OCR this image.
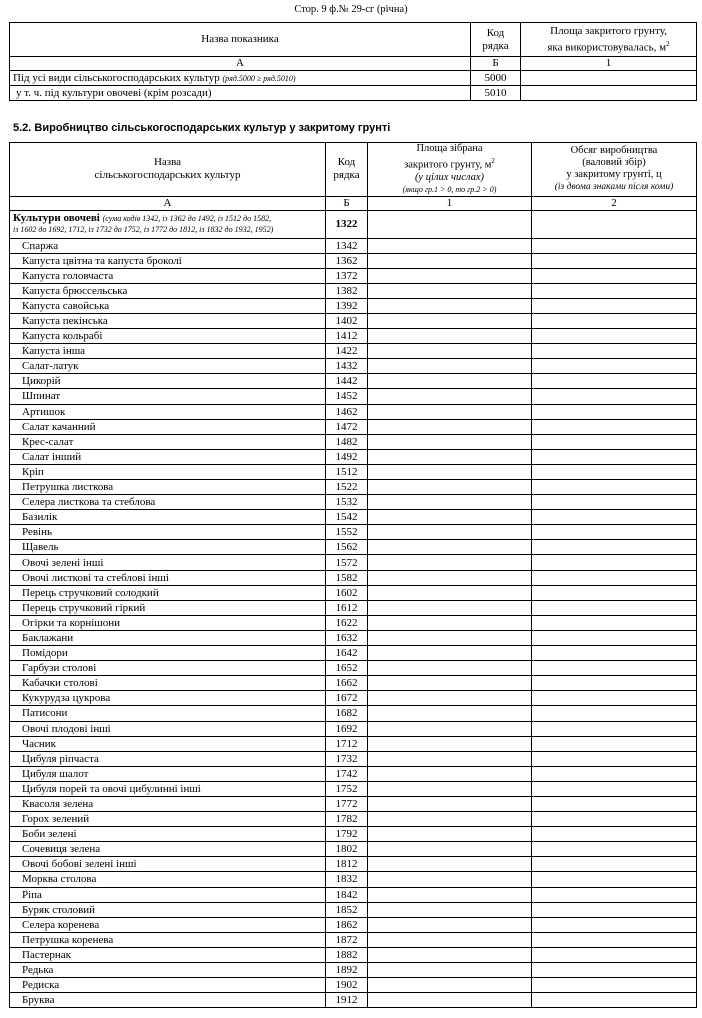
Стор. 9 ф.№ 29-сг (річна)
Назва показника	Код
рядка	Площа закритого грунту,
яка використовувалась, $м^2$
А	Б	1
Під усі види сільськогосподарських культур (ряд.5000 ≥ ряд.5010)	5000	
у т. ч. під культури овочеві (крім розсади)	5010	
5.2. Виробництво сільськогосподарських культур у закритому грунті
Назва
сільськогосподарських культур	Код
рядка	Площа зібрана
закритого грунту, $м^2$
(у цілих числах)
(якщо гр.1 > 0, то гр.2 > 0)	Обсяг виробництва
(валовий збір)
у закритому грунті, ц
(із двома знаками після коми)
А	Б	1	2
Культури овочеві (сума кодів 1342, із 1362 до 1492, із 1512 до 1582,
із 1602 до 1692, 1712, із 1732 до 1752, із 1772 до 1812, із 1832 до 1932, 1952)	1322		
Спаржа	1342		
Капуста цвітна та капуста броколі	1362		
Капуста головчаста	1372		
Капуста брюссельська	1382		
Капуста савойська	1392		
Капуста пекінська	1402		
Капуста кольрабі	1412		
Капуста інша	1422		
Салат-латук	1432		
Цикорій	1442		
Шпинат	1452		
Артишок	1462		
Салат качанний	1472		
Крес-салат	1482		
Салат інший	1492		
Кріп	1512		
Петрушка листкова	1522		
Селера листкова та стеблова	1532		
Базилік	1542		
Ревінь	1552		
Щавель	1562		
Овочі зелені інші	1572		
Овочі листкові та стеблові інші	1582		
Перець стручковий солодкий	1602		
Перець стручковий гіркий	1612		
Огірки та корнішони	1622		
Баклажани	1632		
Помідори	1642		
Гарбузи столові	1652		
Кабачки столові	1662		
Кукурудза цукрова	1672		
Патисони	1682		
Овочі плодові інші	1692		
Часник	1712		
Цибуля ріпчаста	1732		
Цибуля шалот	1742		
Цибуля порей та овочі цибулинні інші	1752		
Квасоля зелена	1772		
Горох зелений	1782		
Боби зелені	1792		
Сочевиця зелена	1802		
Овочі бобові зелені інші	1812		
Морква столова	1832		
Ріпа	1842		
Буряк столовий	1852		
Селера коренева	1862		
Петрушка коренева	1872		
Пастернак	1882		
Редька	1892		
Редиска	1902		
Бруква	1912		
